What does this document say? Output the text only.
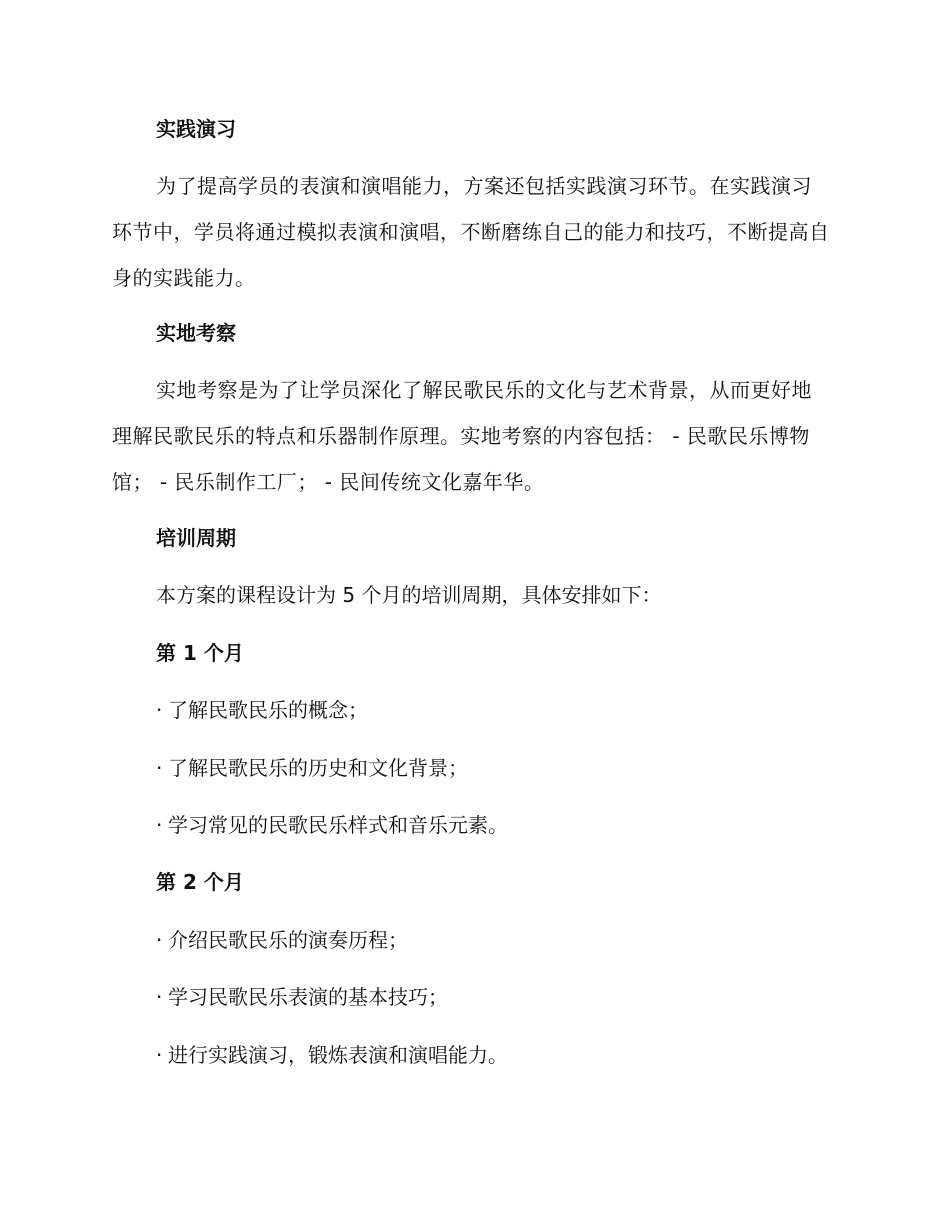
实践演习
为了提高学员的表演和演唱能力，方案还包括实践演习环节。在实践演习环节中，学员将通过模拟表演和演唱，不断磨练自己的能力和技巧，不断提高自身的实践能力。
实地考察
实地考察是为了让学员深化了解民歌民乐的文化与艺术背景，从而更好地理解民歌民乐的特点和乐器制作原理。实地考察的内容包括： - 民歌民乐博物馆； - 民乐制作工厂； - 民间传统文化嘉年华。
培训周期
本方案的课程设计为 5 个月的培训周期，具体安排如下：
第 1 个月
· 了解民歌民乐的概念；
· 了解民歌民乐的历史和文化背景；
· 学习常见的民歌民乐样式和音乐元素。
第 2 个月
· 介绍民歌民乐的演奏历程；
· 学习民歌民乐表演的基本技巧；
· 进行实践演习，锻炼表演和演唱能力。
